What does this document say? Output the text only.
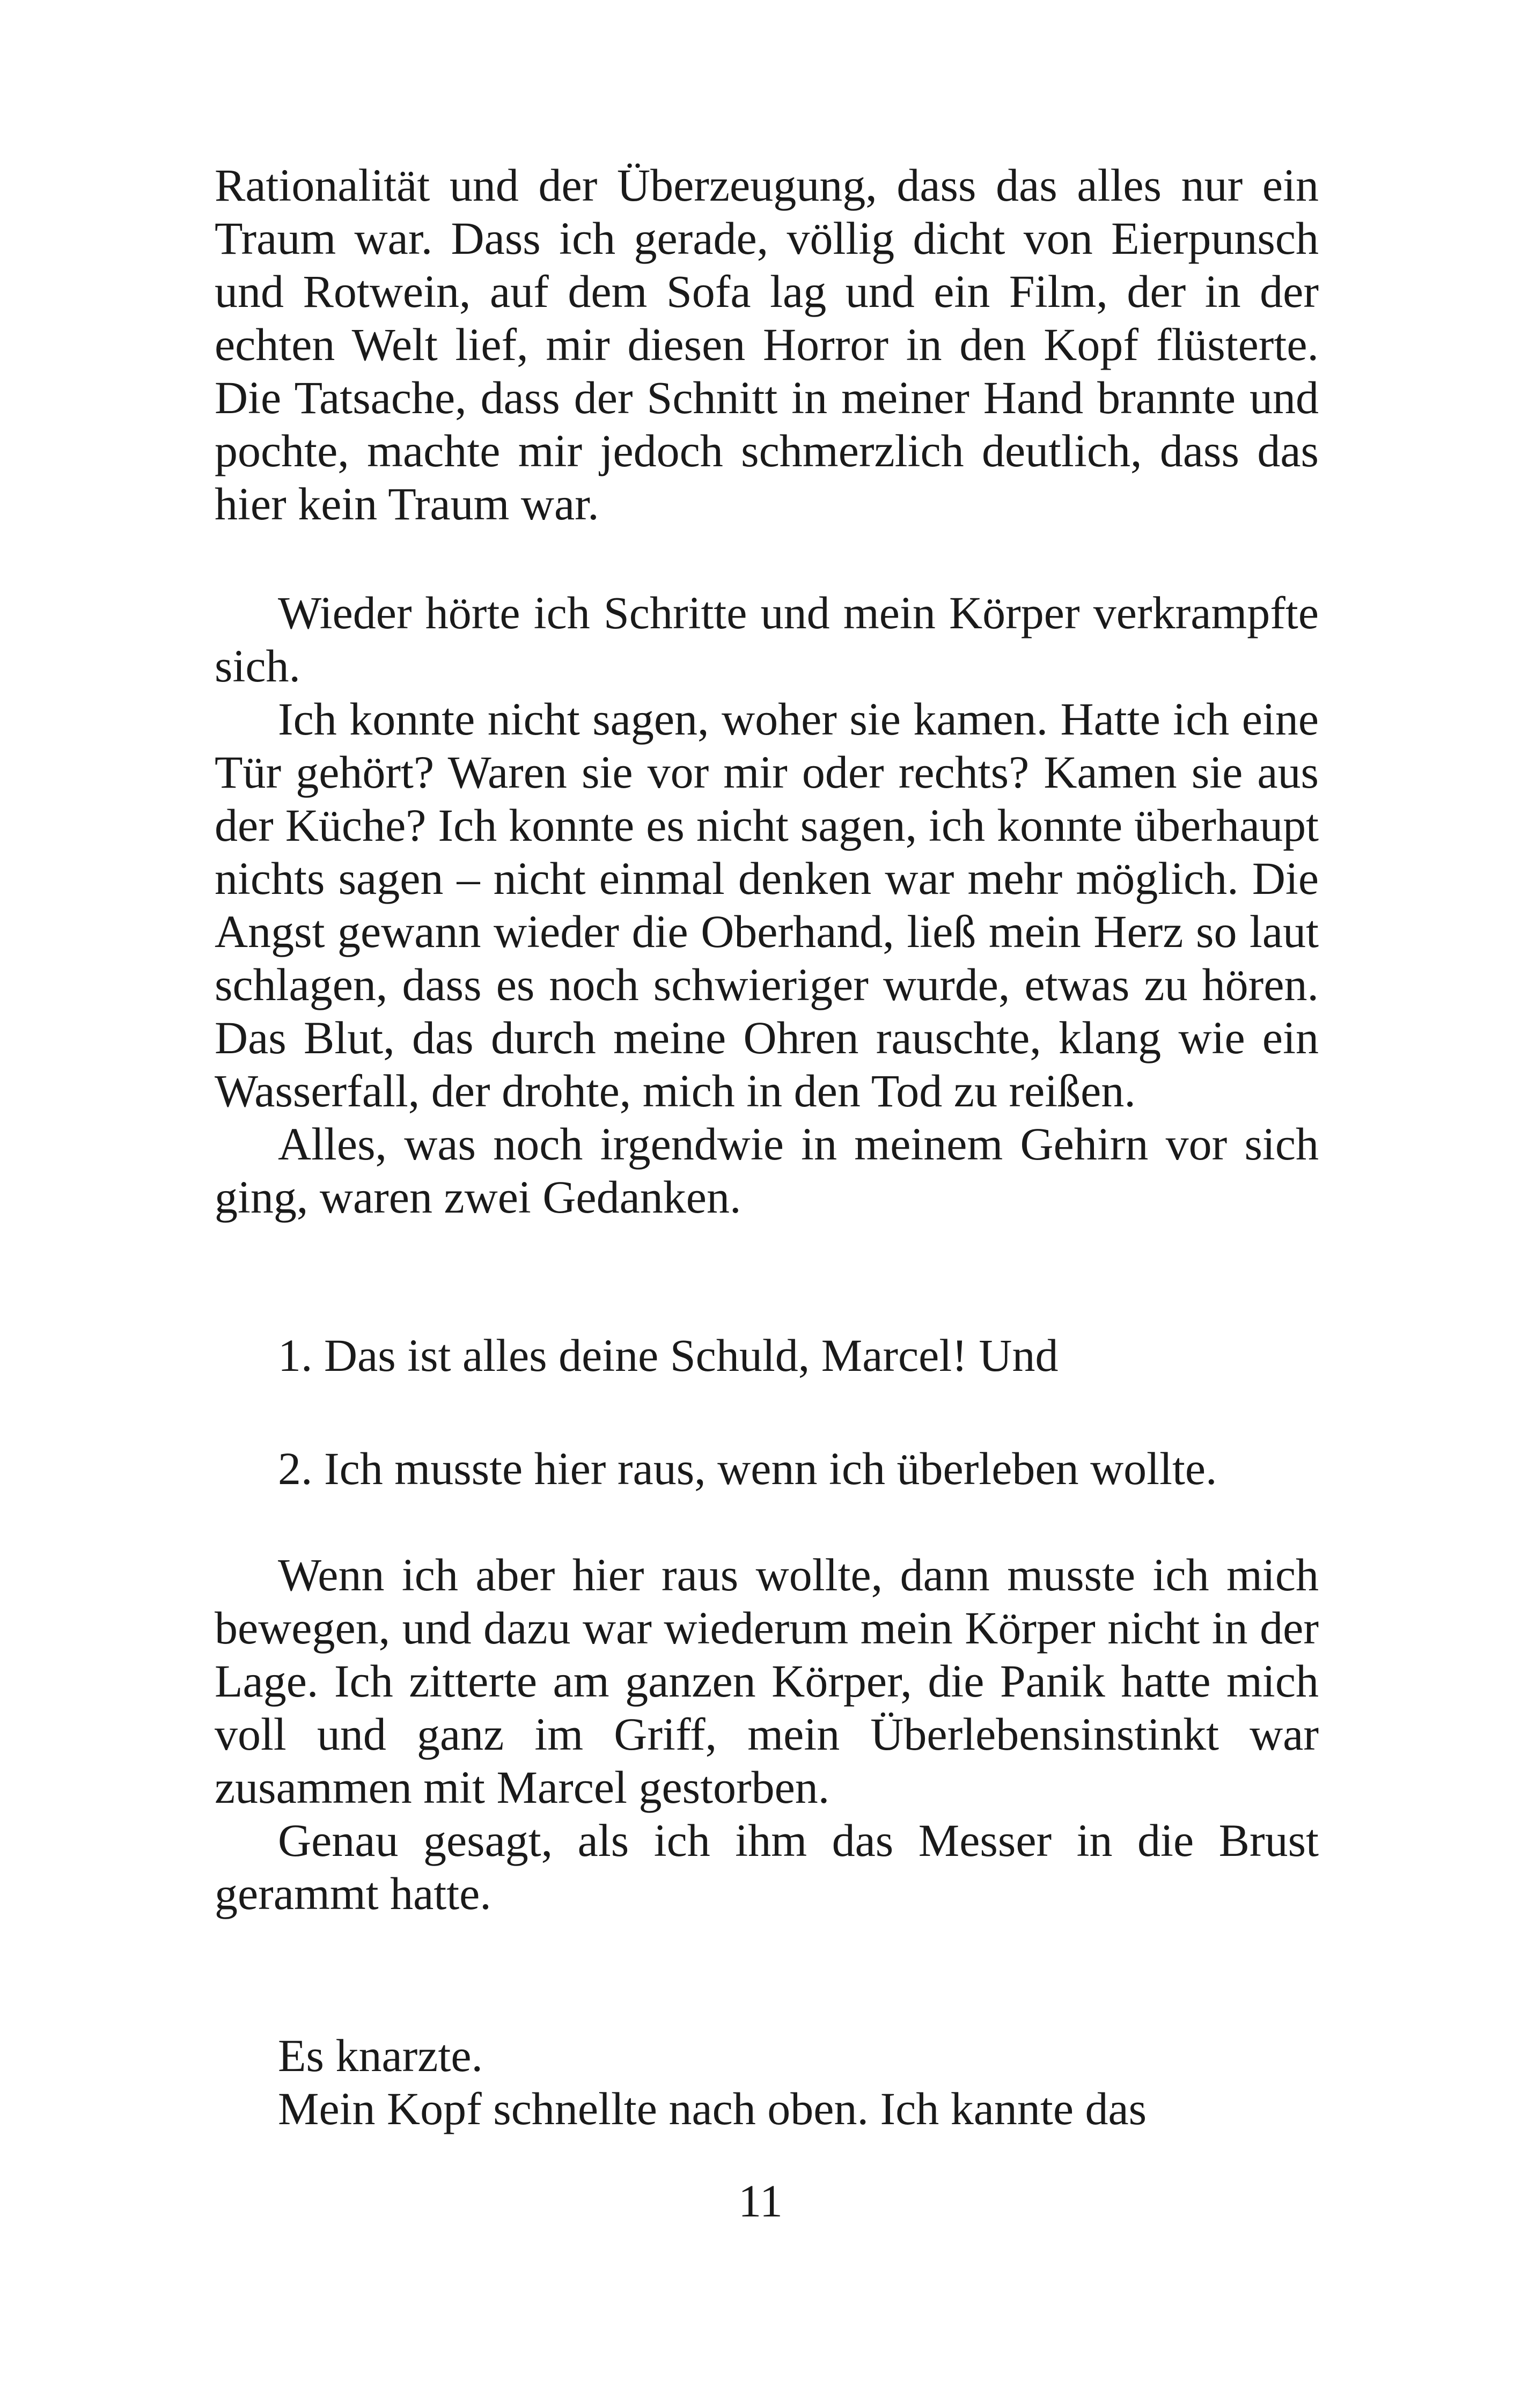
Rationalität und der Überzeugung, dass das alles nur ein Traum war. Dass ich gerade, völlig dicht von Eierpunsch und Rotwein, auf dem Sofa lag und ein Film, der in der echten Welt lief, mir diesen Horror in den Kopf flüsterte. Die Tatsache, dass der Schnitt in meiner Hand brannte und pochte, machte mir jedoch schmerzlich deutlich, dass das hier kein Traum war.

Wieder hörte ich Schritte und mein Körper verkrampfte sich.

Ich konnte nicht sagen, woher sie kamen. Hatte ich eine Tür gehört? Waren sie vor mir oder rechts? Kamen sie aus der Küche? Ich konnte es nicht sagen, ich konnte überhaupt nichts sagen – nicht einmal denken war mehr möglich. Die Angst gewann wieder die Oberhand, ließ mein Herz so laut schlagen, dass es noch schwieriger wurde, etwas zu hören. Das Blut, das durch meine Ohren rauschte, klang wie ein Wasserfall, der drohte, mich in den Tod zu reißen.

Alles, was noch irgendwie in meinem Gehirn vor sich ging, waren zwei Gedanken.

1. Das ist alles deine Schuld, Marcel! Und

2. Ich musste hier raus, wenn ich überleben wollte.

Wenn ich aber hier raus wollte, dann musste ich mich bewegen, und dazu war wiederum mein Körper nicht in der Lage. Ich zitterte am ganzen Körper, die Panik hatte mich voll und ganz im Griff, mein Überlebensinstinkt war zusammen mit Marcel gestorben.

Genau gesagt, als ich ihm das Messer in die Brust gerammt hatte.

Es knarzte.

Mein Kopf schnellte nach oben. Ich kannte das

11
